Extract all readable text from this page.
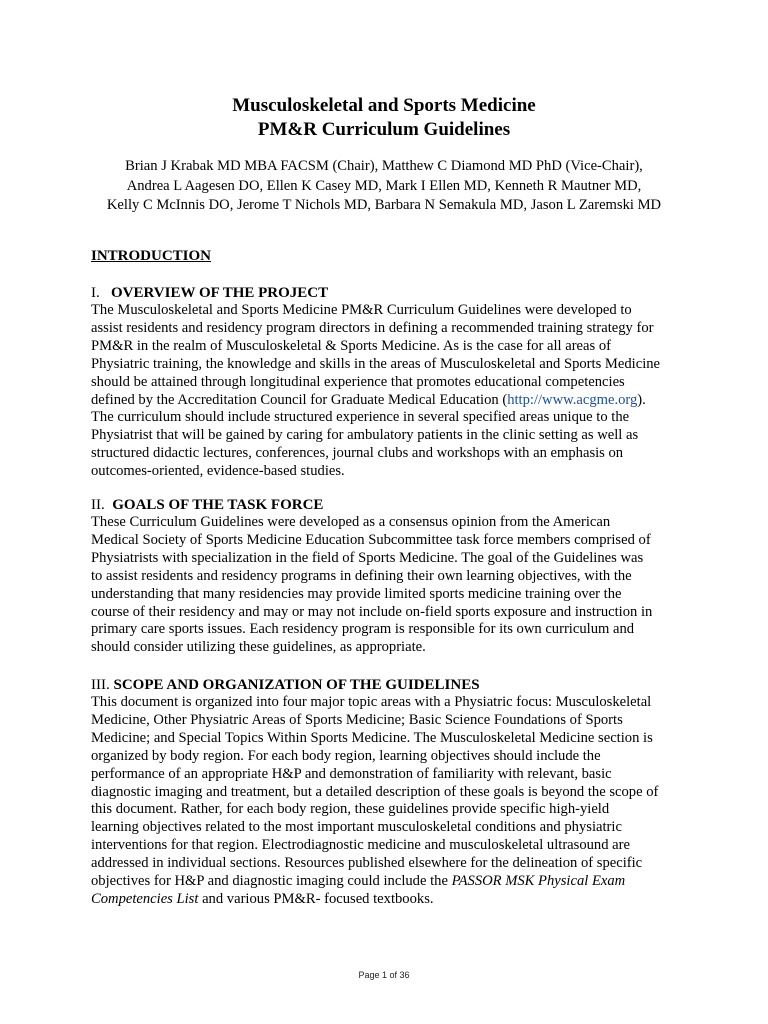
Musculoskeletal and Sports Medicine
PM&R Curriculum Guidelines
Brian J Krabak MD MBA FACSM (Chair), Matthew C Diamond MD PhD (Vice-Chair),
Andrea L Aagesen DO, Ellen K Casey MD, Mark I Ellen MD, Kenneth R Mautner MD,
Kelly C McInnis DO, Jerome T Nichols MD, Barbara N Semakula MD, Jason L Zaremski MD
INTRODUCTION

I. OVERVIEW OF THE PROJECT

The Musculoskeletal and Sports Medicine PM&R Curriculum Guidelines were developed to
assist residents and residency program directors in defining a recommended training strategy for
PM&R in the realm of Musculoskeletal & Sports Medicine. As is the case for all areas of
Physiatric training, the knowledge and skills in the areas of Musculoskeletal and Sports Medicine
should be attained through longitudinal experience that promotes educational competencies
defined by the Accreditation Council for Graduate Medical Education (http://www.acgme.org).
The curriculum should include structured experience in several specified areas unique to the
Physiatrist that will be gained by caring for ambulatory patients in the clinic setting as well as
structured didactic lectures, conferences, journal clubs and workshops with an emphasis on
outcomes-oriented, evidence-based studies.

II. GOALS OF THE TASK FORCE

These Curriculum Guidelines were developed as a consensus opinion from the American
Medical Society of Sports Medicine Education Subcommittee task force members comprised of
Physiatrists with specialization in the field of Sports Medicine. The goal of the Guidelines was
to assist residents and residency programs in defining their own learning objectives, with the
understanding that many residencies may provide limited sports medicine training over the
course of their residency and may or may not include on-field sports exposure and instruction in
primary care sports issues. Each residency program is responsible for its own curriculum and
should consider utilizing these guidelines, as appropriate.

III. SCOPE AND ORGANIZATION OF THE GUIDELINES

This document is organized into four major topic areas with a Physiatric focus: Musculoskeletal
Medicine, Other Physiatric Areas of Sports Medicine; Basic Science Foundations of Sports
Medicine; and Special Topics Within Sports Medicine. The Musculoskeletal Medicine section is
organized by body region. For each body region, learning objectives should include the
performance of an appropriate H&P and demonstration of familiarity with relevant, basic
diagnostic imaging and treatment, but a detailed description of these goals is beyond the scope of
this document. Rather, for each body region, these guidelines provide specific high-yield
learning objectives related to the most important musculoskeletal conditions and physiatric
interventions for that region. Electrodiagnostic medicine and musculoskeletal ultrasound are
addressed in individual sections. Resources published elsewhere for the delineation of specific
objectives for H&P and diagnostic imaging could include the PASSOR MSK Physical Exam
Competencies List and various PM&R- focused textbooks.
Page 1 of 36
